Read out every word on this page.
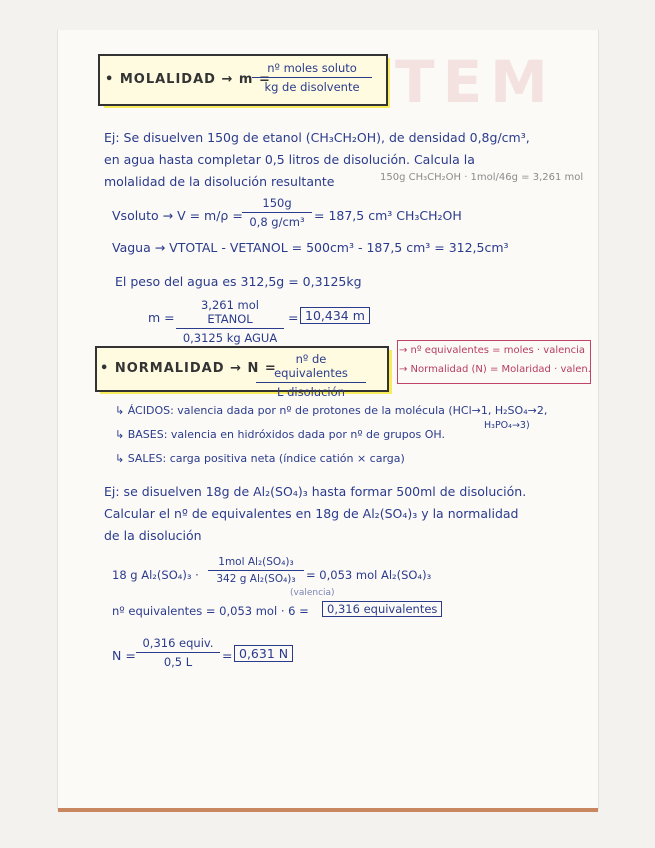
TEM
• MOLALIDAD → m =
nº moles soluto
kg de disolvente
Ej: Se disuelven 150g de etanol (CH₃CH₂OH), de densidad 0,8g/cm³,
en agua hasta completar 0,5 litros de disolución. Calcula la
molalidad de la disolución resultante	150g CH₃CH₂OH · 1mol/46g = 3,261 mol
Vsoluto → $V = m/\rho = \frac{150g}{\text{0,8 g/cm³}} = 187,5$ cm³ CH₃CH₂OH
Vagua → VTOTAL - VETANOL = 500cm³ - 187,5 cm³ = 312,5cm³
El peso del agua es 312,5g = 0,3125kg
m =
3,261 mol ETANOL
0,3125 kg AGUA
= 10,434 m
• NORMALIDAD → N =
nº de equivalentes
L disolución
→ nº equivalentes = moles · valencia
→ Normalidad (N) = Molaridad · valen.
↳ ÁCIDOS: valencia dada por nº de protones de la molécula (HCl→1, H₂SO₄→2,
H₃PO₄→3)
↳ BASES: valencia en hidróxidos dada por nº de grupos OH.
↳ SALES: carga positiva neta (índice catión × carga)
Ej: se disuelven 18g de Al₂(SO₄)₃ hasta formar 500ml de disolución.
Calcular el nº de equivalentes en 18g de Al₂(SO₄)₃ y la normalidad
de la disolución
18 g Al₂(SO₄)₃ ·
1mol Al₂(SO₄)₃
342 g Al₂(SO₄)₃ = 0,053 mol Al₂(SO₄)₃
(valencia)
nº equivalentes = 0,053 mol · 6 =	0,316 equivalentes
N =
0,316 equiv.
0,5 L	= 0,631 N
